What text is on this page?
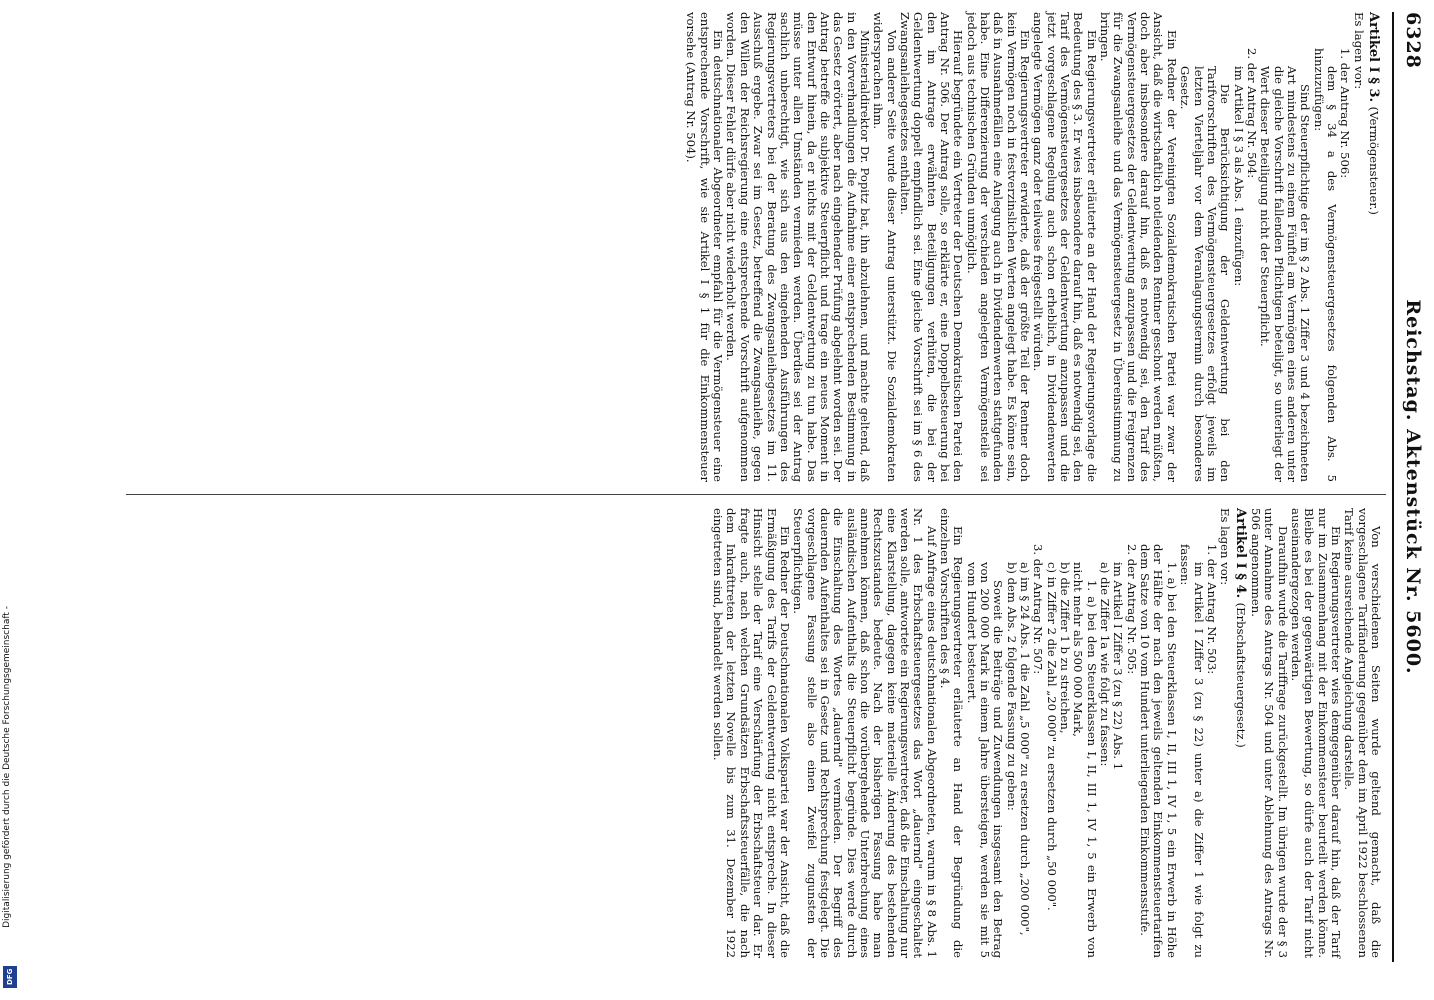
6328
Reichstag. Aktenstück Nr. 5600.

Artikel I § 3. (Vermögensteuer.)

Es lagen vor:

1. der Antrag Nr. 506:

dem § 34 a des Vermögensteuergesetzes folgenden Abs. 5 hinzuzufügen:

Sind Steuerpflichtige der im § 2 Abs. 1 Ziffer 3 und 4 bezeichneten Art mindestens zu einem Fünftel am Vermögen eines anderen unter die gleiche Vorschrift fallenden Pflichtigen beteiligt, so unterliegt der Wert dieser Beteiligung nicht der Steuerpflicht.

2. der Antrag Nr. 504:

im Artikel I § 3 als Abs. 1 einzufügen:

Die Berücksichtigung der Geldentwertung bei den Tarifvorschriften des Vermögensteuergesetzes erfolgt jeweils im letzten Vierteljahr vor dem Veranlagungstermin durch besonderes Gesetz.

Ein Redner der Vereinigten Sozialdemokratischen Partei war zwar der Ansicht, daß die wirtschaftlich notleidenden Rentner geschont werden müßten, doch aber insbesondere darauf hin, daß es notwendig sei, den Tarif des Vermögensteuergesetzes der Geldentwertung anzupassen und die Freigrenzen für die Zwangsanleihe und das Vermögensteuergesetz in Übereinstimmung zu bringen.

Ein Regierungsvertreter erläuterte an der Hand der Regierungsvorlage die Bedeutung des § 3. Er wies insbesondere darauf hin, daß es notwendig sei, den Tarif des Vermögensteuergesetzes der Geldentwertung anzupassen und die jetzt vorgeschlagene Regelung auch schon erheblich, in Dividendenwerten angelegte Vermögen ganz oder teilweise freigestellt würden.

Ein Regierungsvertreter erwiderte, daß der größte Teil der Rentner doch kein Vermögen noch in festverzinslichen Werten angelegt habe. Es könne sein, daß in Ausnahmefällen eine Anlegung auch in Dividendenwerten stattgefunden habe. Eine Differenzierung der verschieden angelegten Vermögensteile sei jedoch aus technischen Gründen unmöglich.

Hierauf begründete ein Vertreter der Deutschen Demokratischen Partei den Antrag Nr. 506. Der Antrag solle, so erklärte er, eine Doppelbesteuerung bei den im Antrage erwähnten Beteiligungen verhüten, die bei der Geldentwertung doppelt empfindlich sei. Eine gleiche Vorschrift sei im § 6 des Zwangsanleihegesetzes enthalten.

Von anderer Seite wurde dieser Antrag unterstützt. Die Sozialdemokraten widersprachen ihm.

Ministerialdirektor Dr. Popitz bat, ihn abzulehnen, und machte geltend, daß in den Vorverhandlungen die Aufnahme einer entsprechenden Bestimmung in das Gesetz erörtert, aber nach eingehender Prüfung abgelehnt worden sei. Der Antrag betreffe die subjektive Steuerpflicht und trage ein neues Moment in den Entwurf hinein, da er nichts mit der Geldentwertung zu tun habe. Das müsse unter allen Umständen vermieden werden. Überdies sei der Antrag sachlich unberechtigt, wie sich aus den eingehenden Ausführungen des Regierungsvertreters bei der Beratung des Zwangsanleihegesetzes im 11. Ausschuß ergebe. Zwar sei im Gesetz, betreffend die Zwangsanleihe, gegen den Willen der Reichsregierung eine entsprechende Vorschrift aufgenommen worden. Dieser Fehler dürfe aber nicht wiederholt werden.

Ein deutschnationaler Abgeordneter empfahl für die Vermögensteuer eine entsprechende Vorschrift, wie sie Artikel I § 1 für die Einkommensteuer vorsehe (Antrag Nr. 504).

Von verschiedenen Seiten wurde geltend gemacht, daß die vorgeschlagene Tarifänderung gegenüber dem im April 1922 beschlossenen Tarif keine ausreichende Angleichung darstelle.

Ein Regierungsvertreter wies demgegenüber darauf hin, daß der Tarif nur im Zusammenhang mit der Einkommensteuer beurteilt werden könne. Bleibe es bei der gegenwärtigen Bewertung, so dürfe auch der Tarif nicht auseinandergezogen werden.

Daraufhin wurde die Tariffrage zurückgestellt. Im übrigen wurde der § 3 unter Annahme des Antrags Nr. 504 und unter Ablehnung des Antrags Nr. 506 angenommen.

Artikel I § 4. (Erbschaftsteuergesetz.)

Es lagen vor:

1. der Antrag Nr. 503:

im Artikel I Ziffer 3 (zu § 22) unter a) die Ziffer 1 wie folgt zu fassen:

1. a) bei den Steuerklassen I, II, III 1, IV 1, 5 ein Erwerb in Höhe der Hälfte der nach den jeweils geltenden Einkommensteuertarifen dem Satze von 10 vom Hundert unterliegenden Einkommensstufe.

2. der Antrag Nr. 505:

im Artikel I Ziffer 3 (zu § 22) Abs. 1

a) die Ziffer 1a wie folgt zu fassen:

1. a) bei den Steuerklassen I, II, III 1, IV 1, 5 ein Erwerb von nicht mehr als 500 000 Mark,

b) die Ziffer 1 b zu streichen,

c) in Ziffer 2 die Zahl „20 000" zu ersetzen durch „50 000".

3. der Antrag Nr. 507:

a) im § 24 Abs. 1 die Zahl „5 000" zu ersetzen durch „200 000",

b) dem Abs. 2 folgende Fassung zu geben:

Soweit die Beiträge und Zuwendungen insgesamt den Betrag von 200 000 Mark in einem Jahre übersteigen, werden sie mit 5 vom Hundert besteuert.

Ein Regierungsvertreter erläuterte an Hand der Begründung die einzelnen Vorschriften des § 4.

Auf Anfrage eines deutschnationalen Abgeordneten, warum in § 8 Abs. 1 Nr. 1 des Erbschaftsteuergesetzes das Wort „dauernd" eingeschaltet werden solle, antwortete ein Regierungsvertreter, daß die Einschaltung nur eine Klarstellung, dagegen keine materielle Änderung des bestehenden Rechtszustandes bedeute. Nach der bisherigen Fassung habe man annehmen können, daß schon die vorübergehende Unterbrechung eines ausländischen Aufenthalts die Steuerpflicht begründe. Dies werde durch die Einschaltung des Wortes „dauernd" vermieden. Der Begriff des dauernden Aufenthaltes sei in Gesetz und Rechtsprechung festgelegt. Die vorgeschlagene Fassung stelle also einen Zweifel zugunsten der Steuerpflichtigen.

Ein Redner der Deutschnationalen Volkspartei war der Ansicht, daß die Ermäßigung des Tarifs der Geldentwertung nicht entspreche. In dieser Hinsicht stelle der Tarif eine Verschärfung der Erbschaftsteuer dar. Er fragte auch, nach welchen Grundsätzen Erbschaftssteuerfälle, die nach dem Inkrafttreten der letzten Novelle bis zum 31. Dezember 1922 eingetreten sind, behandelt werden sollen.

Digitalisierung gefördert durch die Deutsche Forschungsgemeinschaft -
DFG
